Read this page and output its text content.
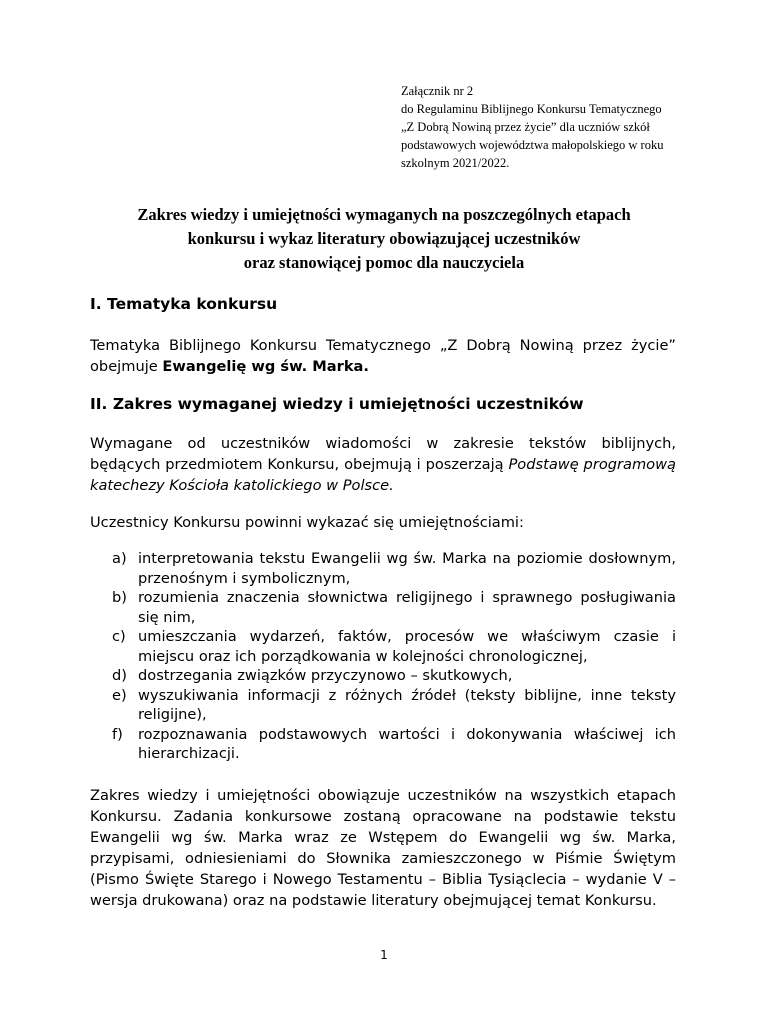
Załącznik nr 2
do Regulaminu Biblijnego Konkursu Tematycznego
„Z Dobrą Nowiną przez życie” dla uczniów szkół
podstawowych województwa małopolskiego w roku
szkolnym 2021/2022.
Zakres wiedzy i umiejętności wymaganych na poszczególnych etapach
konkursu i wykaz literatury obowiązującej uczestników
oraz stanowiącej pomoc dla nauczyciela
I. Tematyka konkursu
Tematyka Biblijnego Konkursu Tematycznego „Z Dobrą Nowiną przez życie” obejmuje Ewangelię wg św. Marka.
II. Zakres wymaganej wiedzy i umiejętności uczestników
Wymagane od uczestników wiadomości w zakresie tekstów biblijnych, będących przedmiotem Konkursu, obejmują i poszerzają Podstawę programową katechezy Kościoła katolickiego w Polsce.
Uczestnicy Konkursu powinni wykazać się umiejętnościami:
a) interpretowania tekstu Ewangelii wg św. Marka na poziomie dosłownym, przenośnym i symbolicznym,
b) rozumienia znaczenia słownictwa religijnego i sprawnego posługiwania się nim,
c) umieszczania wydarzeń, faktów, procesów we właściwym czasie i miejscu oraz ich porządkowania w kolejności chronologicznej,
d) dostrzegania związków przyczynowo – skutkowych,
e) wyszukiwania informacji z różnych źródeł (teksty biblijne, inne teksty religijne),
f) rozpoznawania podstawowych wartości i dokonywania właściwej ich hierarchizacji.
Zakres wiedzy i umiejętności obowiązuje uczestników na wszystkich etapach Konkursu. Zadania konkursowe zostaną opracowane na podstawie tekstu Ewangelii wg św. Marka wraz ze Wstępem do Ewangelii wg św. Marka, przypisami, odniesieniami do Słownika zamieszczonego w Piśmie Świętym (Pismo Święte Starego i Nowego Testamentu – Biblia Tysiąclecia – wydanie V – wersja drukowana) oraz na podstawie literatury obejmującej temat Konkursu.
1
